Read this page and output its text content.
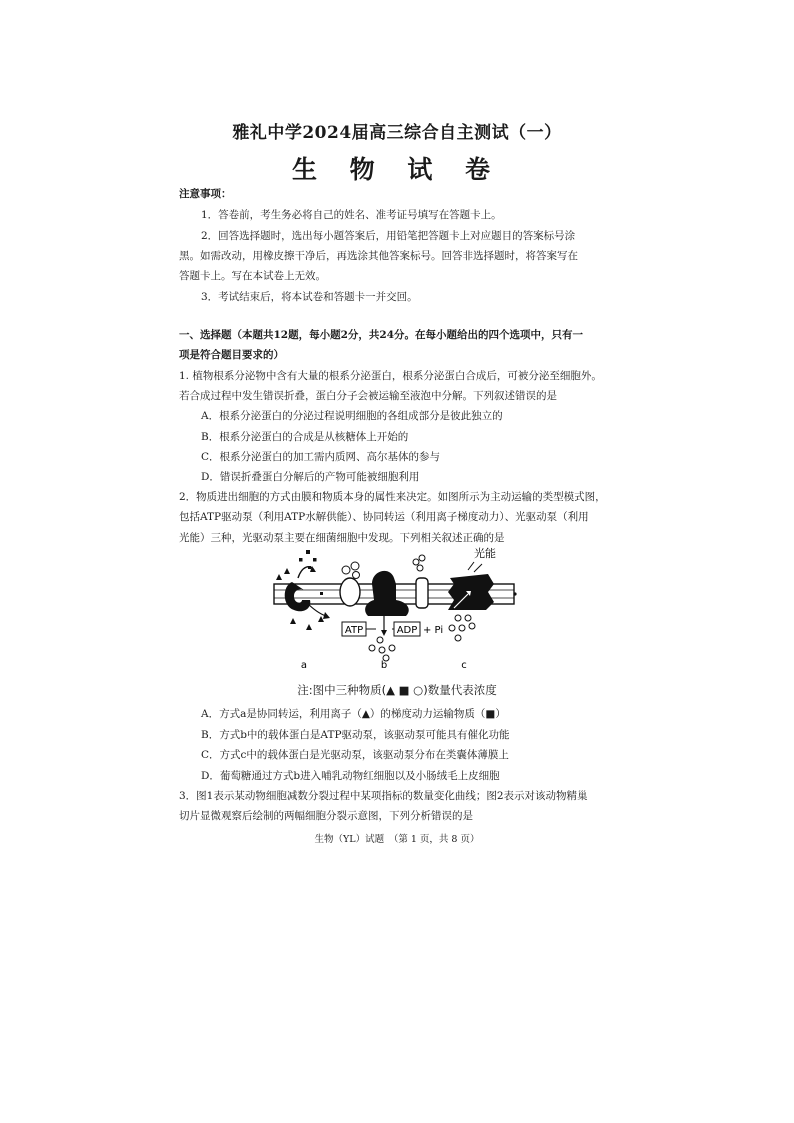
雅礼中学2024届高三综合自主测试（一）
生 物 试 卷
注意事项：
1．答卷前，考生务必将自己的姓名、准考证号填写在答题卡上。
2．回答选择题时，选出每小题答案后，用铅笔把答题卡上对应题目的答案标号涂
黑。如需改动，用橡皮擦干净后，再选涂其他答案标号。回答非选择题时，将答案写在
答题卡上。写在本试卷上无效。
3．考试结束后，将本试卷和答题卡一并交回。
一、选择题（本题共12题，每小题2分，共24分。在每小题给出的四个选项中，只有一
项是符合题目要求的）
1. 植物根系分泌物中含有大量的根系分泌蛋白，根系分泌蛋白合成后，可被分泌至细胞外。
若合成过程中发生错误折叠，蛋白分子会被运输至液泡中分解。下列叙述错误的是
A．根系分泌蛋白的分泌过程说明细胞的各组成部分是彼此独立的
B．根系分泌蛋白的合成是从核糖体上开始的
C．根系分泌蛋白的加工需内质网、高尔基体的参与
D．错误折叠蛋白分解后的产物可能被细胞利用
2．物质进出细胞的方式由膜和物质本身的属性来决定。如图所示为主动运输的类型模式图，
包括ATP驱动泵（利用ATP水解供能）、协同转运（利用离子梯度动力）、光驱动泵（利用
光能）三种，光驱动泵主要在细菌细胞中发现。下列相关叙述正确的是
ATP	ADP + Pi
光能
a	b	c
注:图中三种物质(▲ ■ ○)数量代表浓度
A．方式a是协同转运，利用离子（▲）的梯度动力运输物质（■）
B．方式b中的载体蛋白是ATP驱动泵，该驱动泵可能具有催化功能
C．方式c中的载体蛋白是光驱动泵，该驱动泵分布在类囊体薄膜上
D．葡萄糖通过方式b进入哺乳动物红细胞以及小肠绒毛上皮细胞
3．图1表示某动物细胞减数分裂过程中某项指标的数量变化曲线；图2表示对该动物精巢
切片显微观察后绘制的两幅细胞分裂示意图，下列分析错误的是
生物（YL）试题　（第 1 页，共 8 页）
